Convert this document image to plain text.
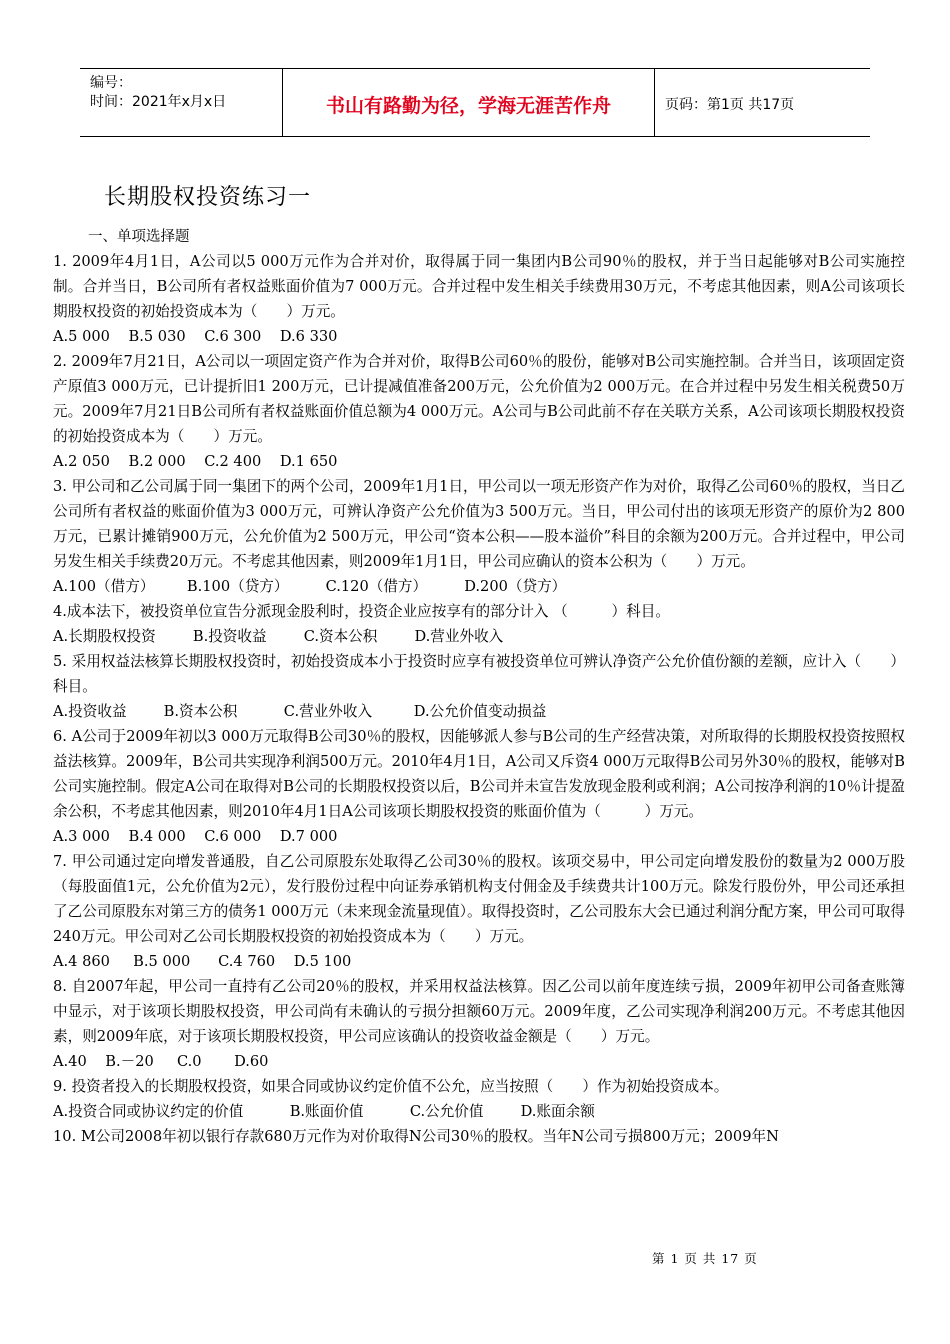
编号：
时间：2021年x月x日	书山有路勤为径，学海无涯苦作舟	页码：第1页 共17页
长期股权投资练习一
一、单项选择题

1. 2009年4月1日，A公司以5 000万元作为合并对价，取得属于同一集团内B公司90％的股权，并于当日起能够对B公司实施控制。合并当日，B公司所有者权益账面价值为7 000万元。合并过程中发生相关手续费用30万元，不考虑其他因素，则A公司该项长期股权投资的初始投资成本为（　　）万元。

A.5 000    B.5 030    C.6 300    D.6 330

2. 2009年7月21日，A公司以一项固定资产作为合并对价，取得B公司60％的股份，能够对B公司实施控制。合并当日，该项固定资产原值3 000万元，已计提折旧1 200万元，已计提减值准备200万元，公允价值为2 000万元。在合并过程中另发生相关税费50万元。2009年7月21日B公司所有者权益账面价值总额为4 000万元。A公司与B公司此前不存在关联方关系，A公司该项长期股权投资的初始投资成本为（　　）万元。

A.2 050    B.2 000    C.2 400    D.1 650

3. 甲公司和乙公司属于同一集团下的两个公司，2009年1月1日，甲公司以一项无形资产作为对价，取得乙公司60％的股权，当日乙公司所有者权益的账面价值为3 000万元，可辨认净资产公允价值为3 500万元。当日，甲公司付出的该项无形资产的原价为2 800万元，已累计摊销900万元，公允价值为2 500万元，甲公司“资本公积——股本溢价”科目的余额为200万元。合并过程中，甲公司另发生相关手续费20万元。不考虑其他因素，则2009年1月1日，甲公司应确认的资本公积为（　　）万元。

A.100（借方）       B.100（贷方）        C.120（借方）        D.200（贷方）

4.成本法下，被投资单位宣告分派现金股利时，投资企业应按享有的部分计入 （　　　）科目。

A.长期股权投资        B.投资收益        C.资本公积        D.营业外收入

5. 采用权益法核算长期股权投资时，初始投资成本小于投资时应享有被投资单位可辨认净资产公允价值份额的差额，应计入（　　）科目。

A.投资收益        B.资本公积          C.营业外收入         D.公允价值变动损益

6. A公司于2009年初以3 000万元取得B公司30％的股权，因能够派人参与B公司的生产经营决策，对所取得的长期股权投资按照权益法核算。2009年，B公司共实现净利润500万元。2010年4月1日，A公司又斥资4 000万元取得B公司另外30％的股权，能够对B公司实施控制。假定A公司在取得对B公司的长期股权投资以后，B公司并未宣告发放现金股利或利润；A公司按净利润的10％计提盈余公积，不考虑其他因素，则2010年4月1日A公司该项长期股权投资的账面价值为（　　　）万元。

A.3 000    B.4 000    C.6 000    D.7 000

7. 甲公司通过定向增发普通股，自乙公司原股东处取得乙公司30％的股权。该项交易中，甲公司定向增发股份的数量为2 000万股（每股面值1元，公允价值为2元），发行股份过程中向证券承销机构支付佣金及手续费共计100万元。除发行股份外，甲公司还承担了乙公司原股东对第三方的债务1 000万元（未来现金流量现值）。取得投资时，乙公司股东大会已通过利润分配方案，甲公司可取得240万元。甲公司对乙公司长期股权投资的初始投资成本为（　　）万元。

A.4 860     B.5 000      C.4 760    D.5 100

8. 自2007年起，甲公司一直持有乙公司20％的股权，并采用权益法核算。因乙公司以前年度连续亏损，2009年初甲公司备查账簿中显示，对于该项长期股权投资，甲公司尚有未确认的亏损分担额60万元。2009年度，乙公司实现净利润200万元。不考虑其他因素，则2009年底，对于该项长期股权投资，甲公司应该确认的投资收益金额是（　　）万元。

A.40    B.－20     C.0       D.60

9. 投资者投入的长期股权投资，如果合同或协议约定价值不公允，应当按照（　　）作为初始投资成本。

A.投资合同或协议约定的价值          B.账面价值          C.公允价值        D.账面余额

10. M公司2008年初以银行存款680万元作为对价取得N公司30％的股权。当年N公司亏损800万元；2009年N

第 1 页 共 17 页
